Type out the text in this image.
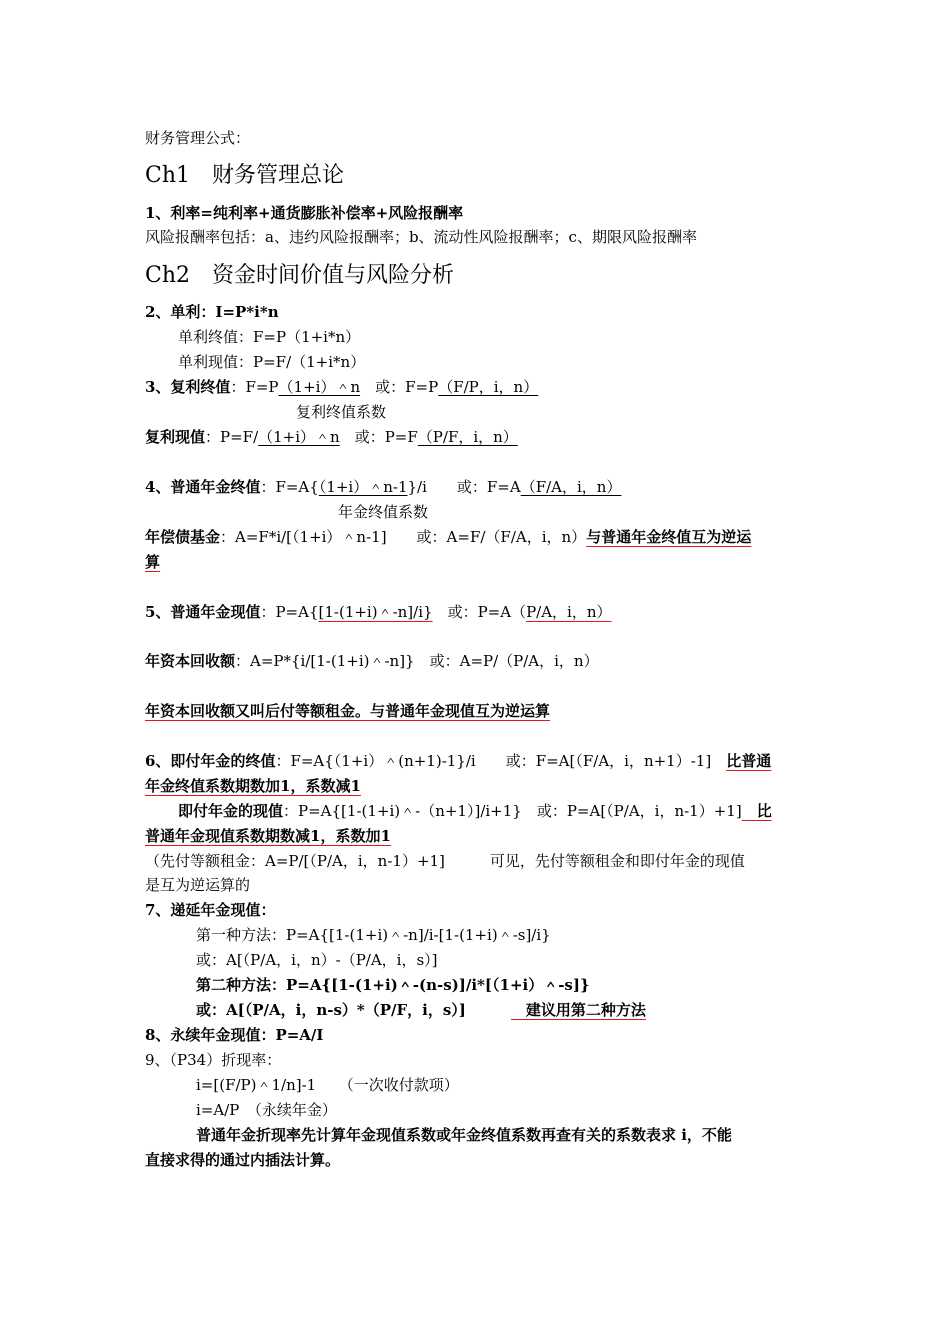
财务管理公式：
Ch1　财务管理总论
1、利率=纯利率+通货膨胀补偿率+风险报酬率
风险报酬率包括：a、违约风险报酬率；b、流动性风险报酬率；c、期限风险报酬率
Ch2　资金时间价值与风险分析
2、单利：I=P*i*n
单利终值：F=P（1+i*n）
单利现值：P=F/（1+i*n）
3、复利终值：F=P（1+i）＾n　或：F=P（F/P，i，n）
复利终值系数
复利现值：P=F/（1+i）＾n　或：P=F（P/F，i，n）
4、普通年金终值：F=A{（1+i）＾n-1}/i　　或：F=A（F/A，i，n）
年金终值系数
年偿债基金：A=F*i/[（1+i）＾n-1]　　或：A=F/（F/A，i，n）与普通年金终值互为逆运
算
5、普通年金现值：P=A{[1-(1+i)＾-n]/i}　或：P=A（P/A，i，n）
年资本回收额：A=P*{i/[1-(1+i)＾-n]}　或：A=P/（P/A，i，n）
年资本回收额又叫后付等额租金。与普通年金现值互为逆运算
6、即付年金的终值：F=A{（1+i）＾(n+1)-1}/i　　或：F=A[（F/A，i，n+1）-1]　比普通
年金终值系数期数加1，系数减1
即付年金的现值：P=A{[1-(1+i)＾-（n+1）]/i+1}　或：P=A[（P/A，i，n-1）+1]　比
普通年金现值系数期数减1，系数加1
（先付等额租金：A=P/[（P/A，i，n-1）+1]　　　可见，先付等额租金和即付年金的现值
是互为逆运算的
7、递延年金现值：
第一种方法：P=A{[1-(1+i)＾-n]/i-[1-(1+i)＾-s]/i}
或：A[（P/A，i，n）-（P/A，i，s）]
第二种方法：P=A{[1-(1+i)＾-(n-s)]/i*[（1+i）＾-s]}
或：A[（P/A，i，n-s）*（P/F，i，s）]　　　　建议用第二种方法
8、永续年金现值：P=A/I
9、（P34）折现率：
i=[(F/P)＾1/n]-1　　（一次收付款项）
i=A/P　（永续年金）
普通年金折现率先计算年金现值系数或年金终值系数再查有关的系数表求 i，不能
直接求得的通过内插法计算。
